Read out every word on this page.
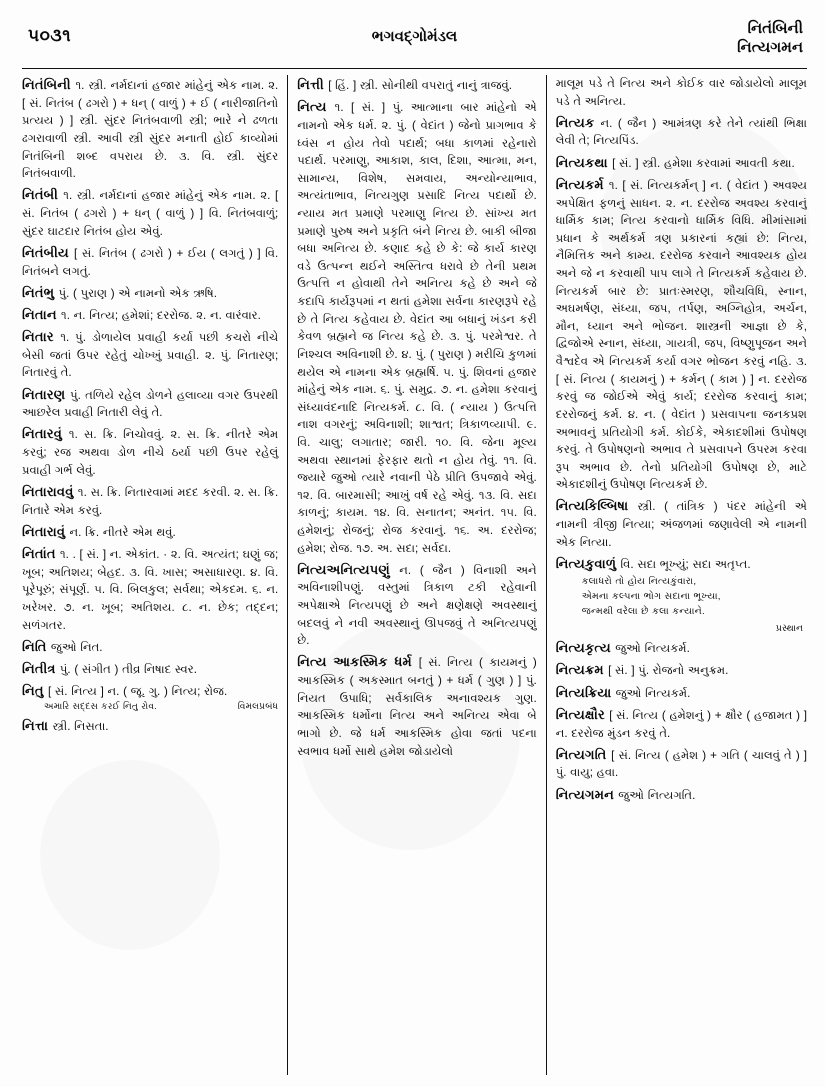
૫૦૩૧	ભગવદ્ગોમંડલ	નિતંબિની
નિત્યગમન
નિતંબિની ૧. સ્ત્રી. નર્મદાનાં હજાર માંહેનું એક નામ. ૨. [ સં. નિતંબ ( ઢગરો ) + ધન્ ( વાળું ) + ઈ ( નારીજાતિનો પ્રત્યય ) ] સ્ત્રી. સુંદર નિતંબવાળી સ્ત્રી; ભારે ને ઢળતા ઢગરાવાળી સ્ત્રી. આવી સ્ત્રી સુંદર મનાતી હોઈ કાવ્યોમાં નિતંબિની શબ્દ વપરાય છે. ૩. વિ. સ્ત્રી. સુંદર નિતંબવાળી.
નિતંબી ૧. સ્ત્રી. નર્મદાનાં હજાર માંહેનું એક નામ. ૨. [ સં. નિતંબ ( ઢગરો ) + ધન્ ( વાળું ) ] વિ. નિતંબવાળું; સુંદર ઘાટદાર નિતંબ હોય એવું.
નિતંબીય [ સં. નિતંબ ( ઢગરો ) + ઈય ( લગતું ) ] વિ. નિતંબને લગતું.
નિતંભુ પું. ( પુરાણ ) એ નામનો એક ઋષિ.
નિતાન ૧. ન. નિત્ય; હમેશાં; દરરોજ. ૨. ન. વારંવાર.
નિતાર ૧. પું. ડોળાયેલ પ્રવાહી કર્યા પછી કચરો નીચે બેસી જતાં ઉપર રહેતું ચોખ્ખું પ્રવાહી. ૨. પું. નિતારણ; નિતારવું તે.
નિતારણ પું. તળિયે રહેલ ડોળને હલાવ્યા વગર ઉપરથી આછરેલ પ્રવાહી નિતારી લેવું તે.
નિતારવું ૧. સ. ક્રિ. નિચોવવું. ૨. સ. ક્રિ. નીતરે એમ કરવું; રજ અથવા ડોળ નીચે ઠર્યા પછી ઉપર રહેલું પ્રવાહી ગર્ભ લેવું.
નિતારાવવું ૧. સ. ક્રિ. નિતારવામાં મદદ કરવી. ૨. સ. ક્રિ. નિતારે એમ કરવું.
નિતારાવું ન. ક્રિ. નીતરે એમ થવું.
નિતાંત ૧. . [ સં. ] ન. એકાંત. · ૨. વિ. અત્યંત; ઘણું જ; ખૂબ; અતિશય; બેહદ. ૩. વિ. ખાસ; અસાધારણ. ૪. વિ. પૂરેપૂરું; સંપૂર્ણ. ૫. વિ. બિલકુલ; સર્વથા; એકદમ. ૬. ન. ખરેખર. ૭. ન. ખૂબ; અતિશય. ૮. ન. છેક; તદ્દન; સળંગતર.
નિતિ જુઓ નિત.
નિતીત્ર પું. ( સંગીત ) તીવ્ર નિષાદ સ્વર.
નિતુ [ સં. નિત્ય ] ન. ( જૂ. ગુ. ) નિત્ય; રોજ.
અમારિ સદ્દસ કરઈ નિતુ રોવ.	વિમલપ્રબંધ
નિત્તા સ્ત્રી. નિસતા.
નિત્તી [ હિં. ] સ્ત્રી. સોનીથી વપરાતું નાનું ત્રાજવું.
નિત્ય ૧. [ સં. ] પું. આત્માના બાર માંહેનો એ નામનો એક ધર્મ. ૨. પું. ( વેદાંત ) જેનો પ્રાગભાવ કે ધ્વંસ ન હોય તેવો પદાર્થ; બધા કાળમાં રહેનારો પદાર્થ. પરમાણુ, આકાશ, કાલ, દિશા, આત્મા, મન, સામાન્ય, વિશેષ, સમવાય, અન્યોન્યાભાવ, અત્યંતાભાવ, નિત્યગુણ પ્રસાદિ નિત્ય પદાર્થો છે. ન્યાય મત પ્રમાણે પરમાણુ નિત્ય છે. સાંખ્ય મત પ્રમાણે પુરુષ અને પ્રકૃતિ બંને નિત્ય છે. બાકી બીજા બધા અનિત્ય છે. કણાદ કહે છે કે: જે કાર્ય કારણ વડે ઉત્પન્ન થઈને અસ્તિત્વ ધરાવે છે તેની પ્રથમ ઉત્પત્તિ ન હોવાથી તેને અનિત્ય કહે છે અને જે કદાપિ કાર્યરૂપમાં ન થતાં હમેશા સર્વના કારણરૂપે રહે છે તે નિત્ય કહેવાય છે. વેદાંત આ બધાનું ખંડન કરી કેવળ બ્રહ્મને જ નિત્ય કહે છે. ૩. પું. પરમેશ્વર. તે નિશ્ચલ અવિનાશી છે. ૪. પું. ( પુરાણ ) મરીચિ કુળમાં થયેલ એ નામના એક બ્રહ્મર્ષિ. ૫. પું. શિવનાં હજાર માંહેનું એક નામ. ૬. પું. સમુદ્ર. ૭. ન. હમેશા કરવાનું સંધ્યાવંદનાદિ નિત્યકર્મ. ૮. વિ. ( ન્યાય ) ઉત્પત્તિ નાશ વગરનું; અવિનાશી; શાશ્વત; ત્રિકાળવ્યાપી. ૯. વિ. ચાલુ; લગાતાર; જારી. ૧૦. વિ. જેના મૂલ્ય અથવા સ્થાનમાં ફેરફાર થતો ન હોય તેવું. ૧૧. વિ. જ્યારે જુઓ ત્યારે નવાની પેઠે પ્રીતિ ઉપજાવે એવું. ૧૨. વિ. બારમાસી; આખું વર્ષ રહે એવું. ૧૩. વિ. સદા કાળનું; કાયમ. ૧૪. વિ. સનાતન; અનંત. ૧૫. વિ. હમેશનું; રોજનું; રોજ કરવાનું. ૧૬. અ. દરરોજ; હમેશ; રોજ. ૧૭. અ. સદા; સર્વદા.
નિત્યઅનિત્યપણું ન. ( જૈન ) વિનાશી અને અવિનાશીપણું. વસ્તુમાં ત્રિકાળ ટકી રહેવાની અપેક્ષાએ નિત્યપણું છે અને ક્ષણેક્ષણે અવસ્થાનું બદલવું ને નવી અવસ્થાનું ઊપજવું તે અનિત્યપણું છે.
નિત્ય આકસ્મિક ધર્મ [ સં. નિત્ય ( કાયમનું ) આકસ્મિક ( અકસ્માત બનતું ) + ધર્મ ( ગુણ ) ] પું. નિયત ઉપાધિ; સર્વકાલિક અનાવશ્યક ગુણ. આકસ્મિક ધર્મોના નિત્ય અને અનિત્ય એવા બે ભાગો છે. જે ધર્મ આકસ્મિક હોવા જતાં પદના સ્વભાવ ધર્મો સાથે હમેશ જોડાયેલો
માલૂમ પડે તે નિત્ય અને કોઈક વાર જોડાયેલો માલૂમ પડે તે અનિત્ય.
નિત્યક ન. ( જૈન ) આમંત્રણ કરે તેને ત્યાંથી ભિક્ષા લેવી તે; નિત્યપિંડ.
નિત્યકથા [ સં. ] સ્ત્રી. હમેશા કરવામાં આવતી કથા.
નિત્યકર્મ ૧. [ સં. નિત્યકર્મન્ ] ન. ( વેદાંત ) અવશ્ય અપેક્ષિત ફળનું સાધન. ૨. ન. દરરોજ અવશ્ય કરવાનું ધાર્મિક કામ; નિત્ય કરવાનો ધાર્મિક વિધિ. મીમાંસામાં પ્રધાન કે અર્થકર્મ ત્રણ પ્રકારનાં કહ્યાં છે: નિત્ય, નૈમિત્તિક અને કામ્ય. દરરોજ કરવાને આવશ્યક હોય અને જે ન કરવાથી પાપ લાગે તે નિત્યકર્મ કહેવાય છે. નિત્યકર્મ બાર છે: પ્રાતઃસ્મરણ, શૌચવિધિ, સ્નાન, અઘમર્ષણ, સંધ્યા, જપ, તર્પણ, અગ્નિહોત્ર, અર્ચન, મૌન, ધ્યાન અને ભોજન. શાસ્ત્રની આજ્ઞા છે કે, દ્વિજોએ સ્નાન, સંધ્યા, ગાયત્રી, જપ, વિષ્ણુપૂજન અને વૈશ્વદેવ એ નિત્યકર્મ કર્યા વગર ભોજન કરવું નહિ. ૩. [ સં. નિત્ય ( કાયમનું ) + કર્મન્ ( કામ ) ] ન. દરરોજ કરવું જ જોઈએ એવું કાર્ય; દરરોજ કરવાનું કામ; દરરોજનું કર્મ. ૪. ન. ( વેદાંત ) પ્રસવાપના જનકપ્રશ અભાવનું પ્રતિયોગી કર્મ. કોઈકે, એકાદશીમાં ઉપોષણ કરવું. તે ઉપોષણનો અભાવ તે પ્રસવાપને ઉપરમ કરવા રૂપ અભાવ છે. તેનો પ્રતિયોગી ઉપોષણ છે, માટે એકાદશીનું ઉપોષણ નિત્યકર્મ છે.
નિત્યકિલ્બિષા સ્ત્રી. ( તાંત્રિક ) પંદર માંહેની એ નામની ત્રીજી નિત્યા; અંજળમાં જણાવેલી એ નામની એક નિત્યા.
નિત્યકુવાળું વિ. સદા ભૂખ્યું; સદા અતૃપ્ત.
કલાધરો તો હોય નિત્યકુંવારા,
એમના કલ્પના ભોગ સદાના ભૂખ્યા,
જન્મથી વરેલા છે કલા કન્યાને.
પ્રસ્થાન
નિત્યકૃત્ય જુઓ નિત્યકર્મ.
નિત્યક્રમ [ સં. ] પું. રોજનો અનુક્રમ.
નિત્યક્રિયા જુઓ નિત્યકર્મ.
નિત્યક્ષૌર [ સં. નિત્ય ( હમેશનું ) + ક્ષૌર ( હજામત ) ] ન. દરરોજ મુંડન કરવું તે.
નિત્યગતિ [ સં. નિત્ય ( હમેશ ) + ગતિ ( ચાલવું તે ) ] પું. વાયુ; હવા.
નિત્યગમન જુઓ નિત્યગતિ.
